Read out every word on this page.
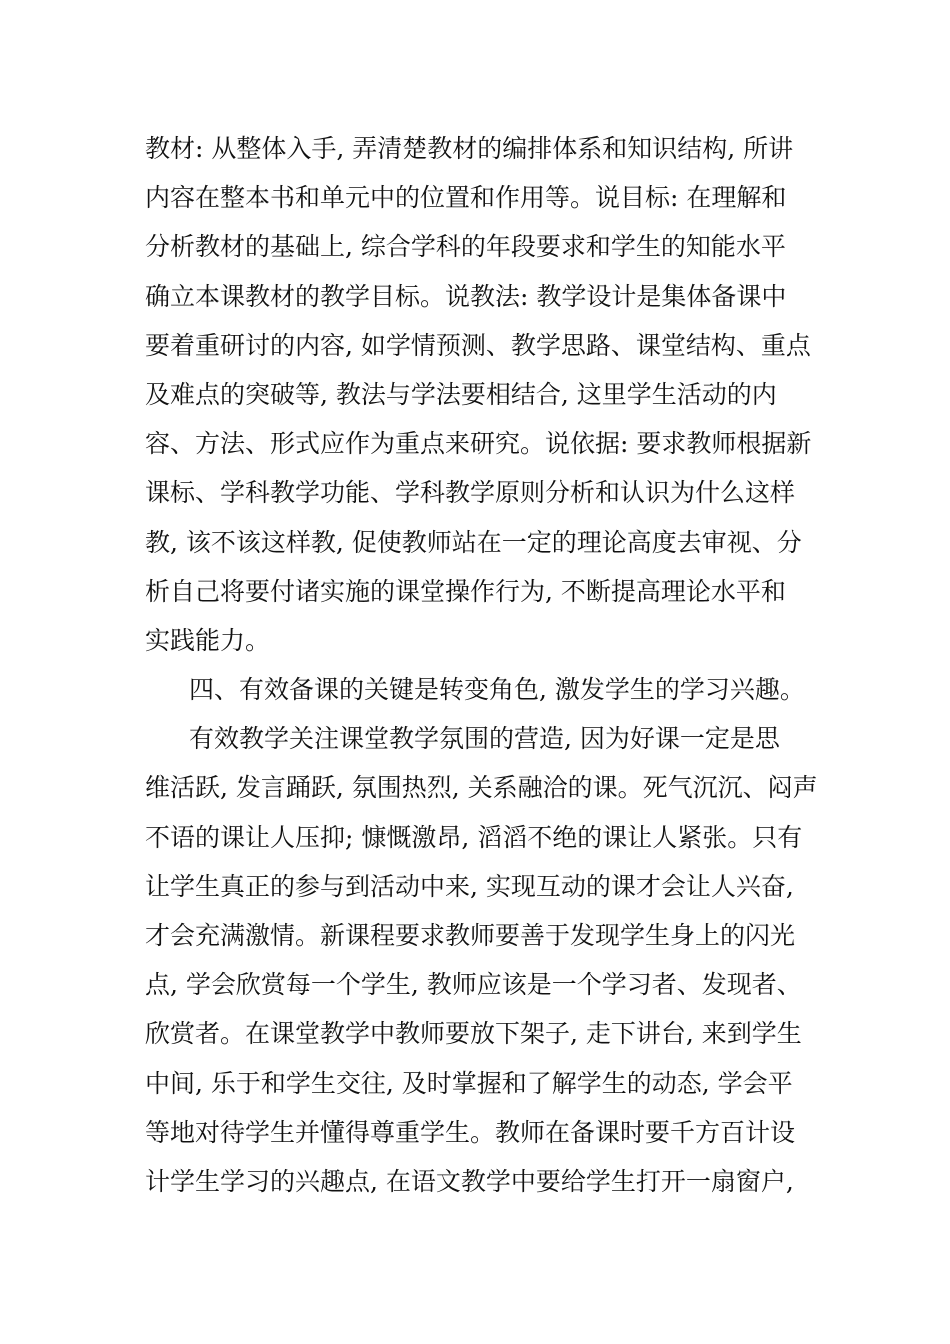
教材: 从整体入手, 弄清楚教材的编排体系和知识结构, 所讲
内容在整本书和单元中的位置和作用等。说目标: 在理解和
分析教材的基础上, 综合学科的年段要求和学生的知能水平
确立本课教材的教学目标。说教法: 教学设计是集体备课中
要着重研讨的内容, 如学情预测、教学思路、课堂结构、重点
及难点的突破等, 教法与学法要相结合, 这里学生活动的内
容、方法、形式应作为重点来研究。说依据: 要求教师根据新
课标、学科教学功能、学科教学原则分析和认识为什么这样
教, 该不该这样教, 促使教师站在一定的理论高度去审视、分
析自己将要付诸实施的课堂操作行为, 不断提高理论水平和
实践能力。
四、有效备课的关键是转变角色, 激发学生的学习兴趣。
有效教学关注课堂教学氛围的营造, 因为好课一定是思
维活跃, 发言踊跃, 氛围热烈, 关系融洽的课。死气沉沉、闷声
不语的课让人压抑; 慷慨激昂, 滔滔不绝的课让人紧张。只有
让学生真正的参与到活动中来, 实现互动的课才会让人兴奋,
才会充满激情。新课程要求教师要善于发现学生身上的闪光
点, 学会欣赏每一个学生, 教师应该是一个学习者、发现者、
欣赏者。在课堂教学中教师要放下架子, 走下讲台, 来到学生
中间, 乐于和学生交往, 及时掌握和了解学生的动态, 学会平
等地对待学生并懂得尊重学生。教师在备课时要千方百计设
计学生学习的兴趣点, 在语文教学中要给学生打开一扇窗户,
